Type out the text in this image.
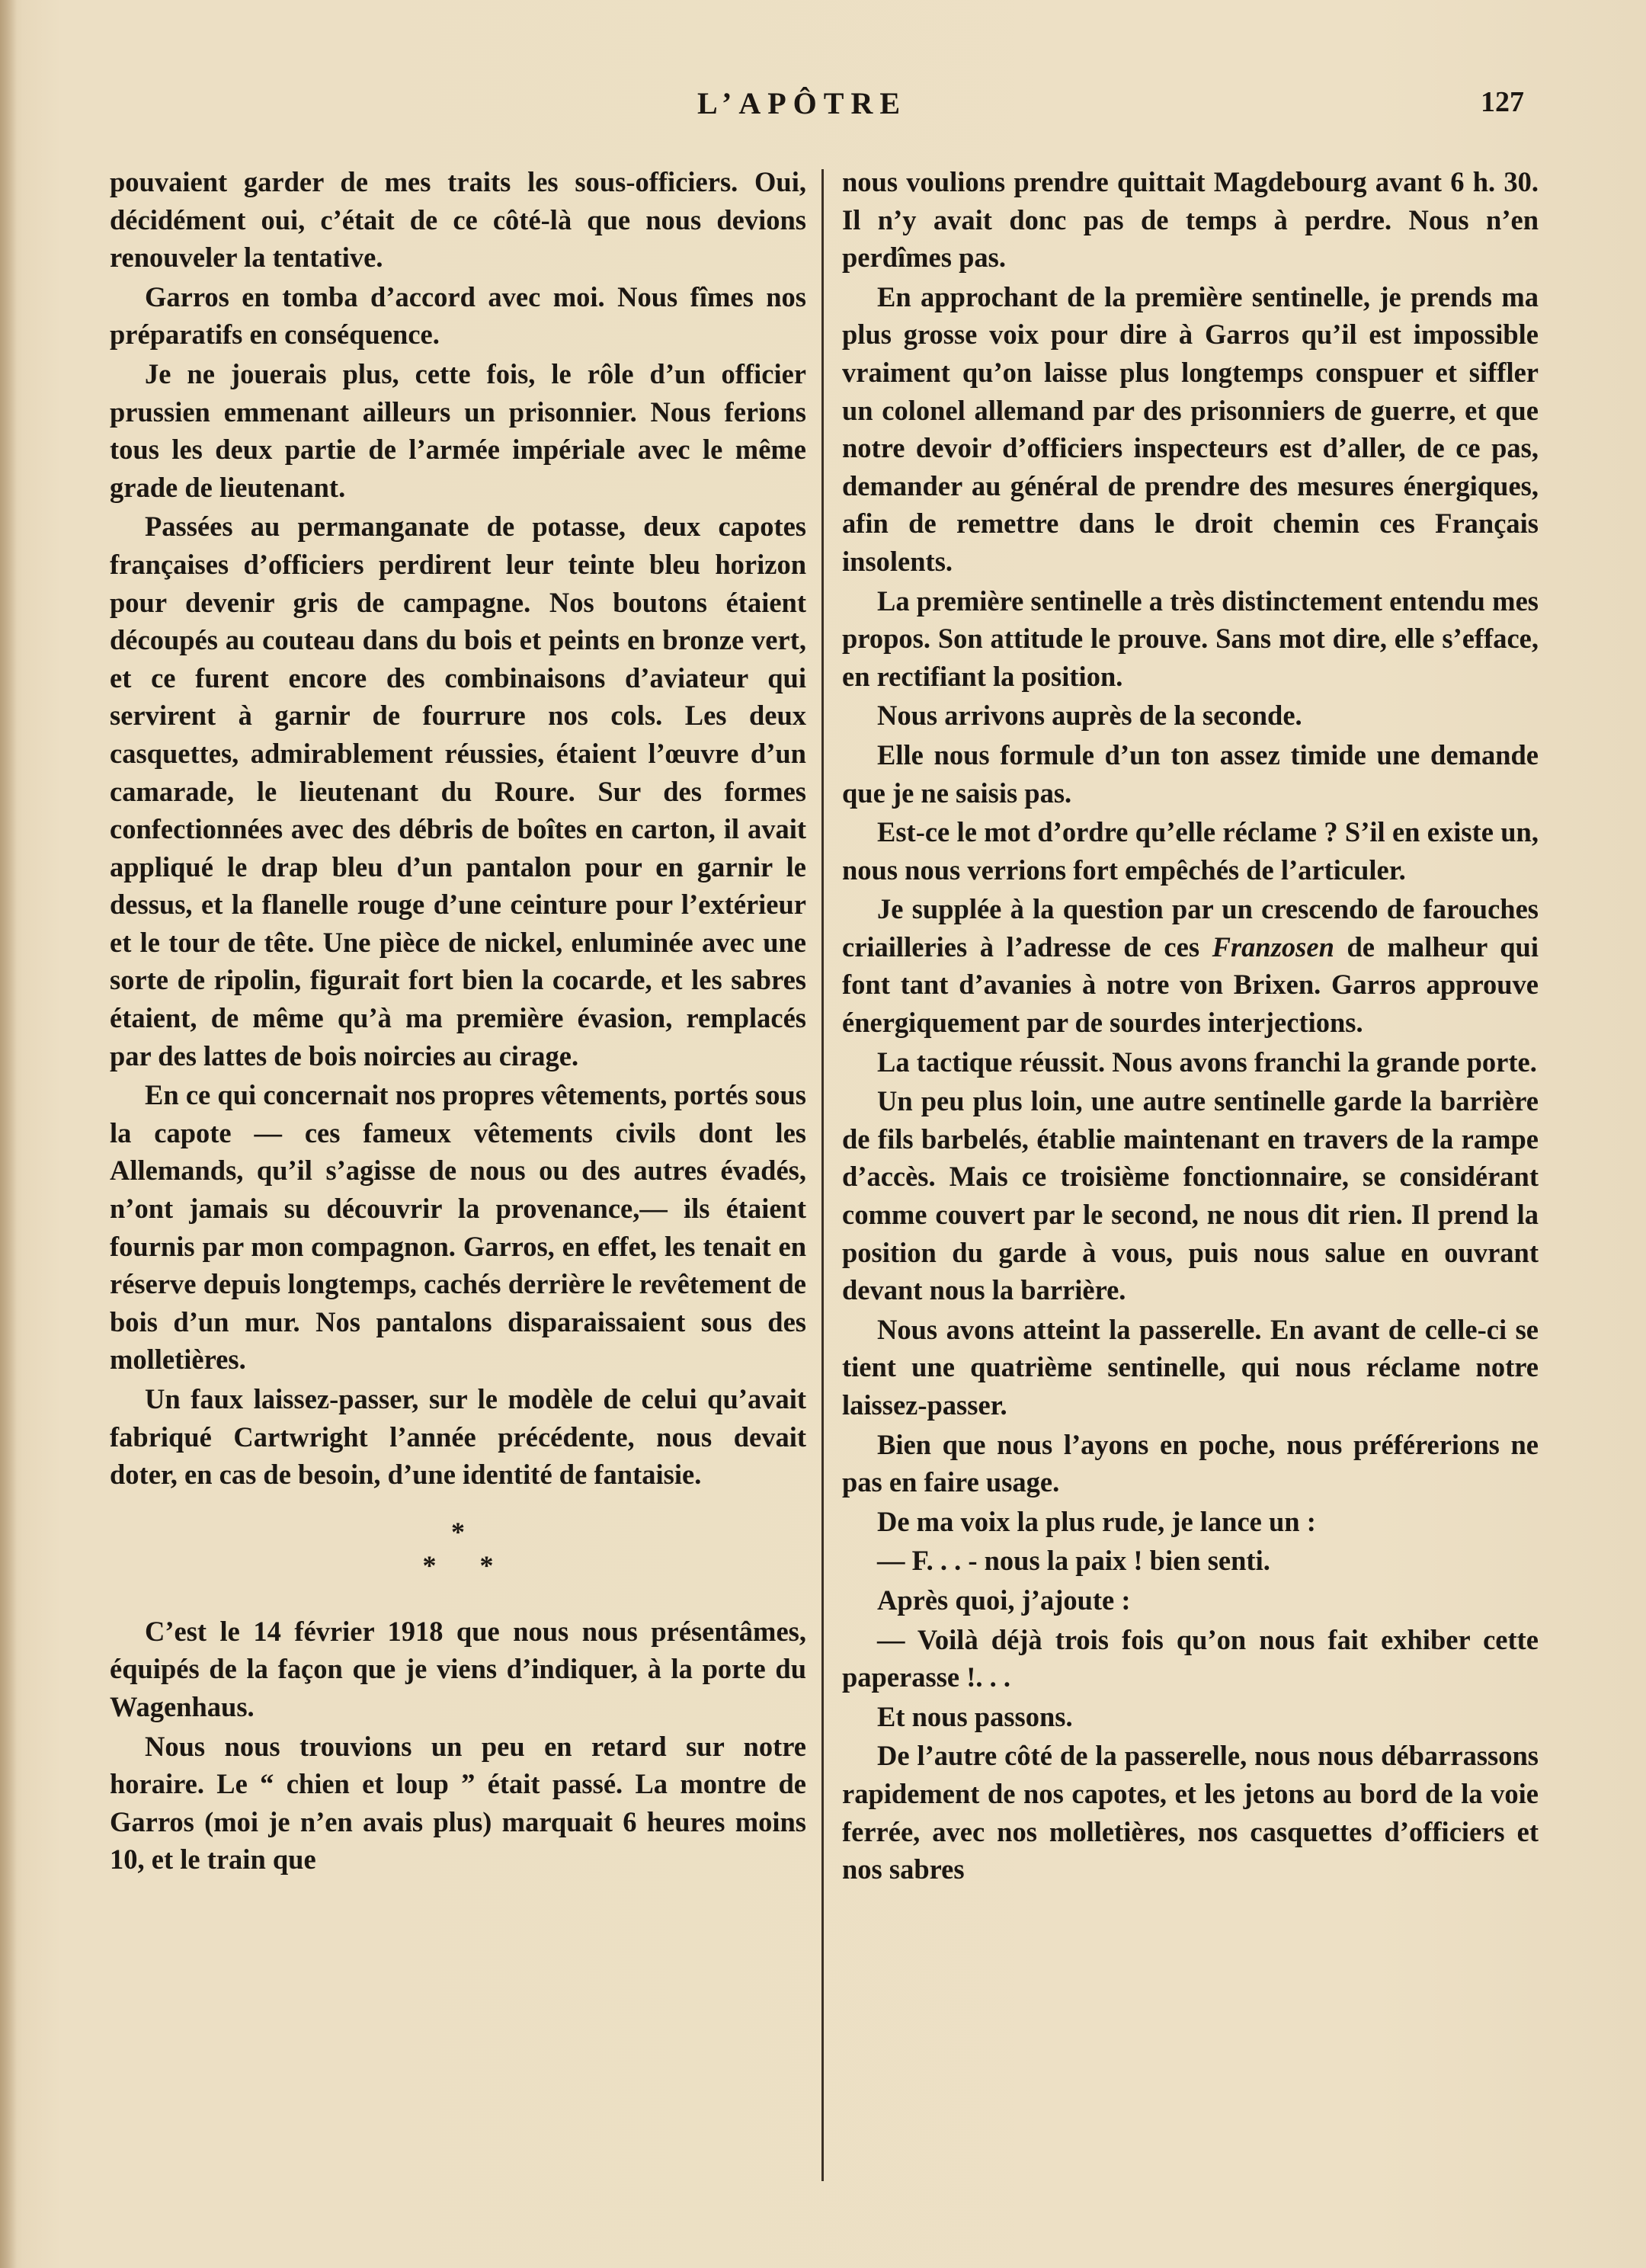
L’APÔTRE	127

pouvaient garder de mes traits les sous-officiers. Oui, décidément oui, c’était de ce côté-là que nous devions renouveler la tentative.

Garros en tomba d’accord avec moi. Nous fîmes nos préparatifs en conséquence.

Je ne jouerais plus, cette fois, le rôle d’un officier prussien emmenant ailleurs un prisonnier. Nous ferions tous les deux partie de l’armée impériale avec le même grade de lieutenant.

Passées au permanganate de potasse, deux capotes françaises d’officiers perdirent leur teinte bleu horizon pour devenir gris de campagne. Nos boutons étaient découpés au couteau dans du bois et peints en bronze vert, et ce furent encore des combinaisons d’aviateur qui servirent à garnir de fourrure nos cols. Les deux casquettes, admirablement réussies, étaient l’œuvre d’un camarade, le lieutenant du Roure. Sur des formes confectionnées avec des débris de boîtes en carton, il avait appliqué le drap bleu d’un pantalon pour en garnir le dessus, et la flanelle rouge d’une ceinture pour l’extérieur et le tour de tête. Une pièce de nickel, enluminée avec une sorte de ripolin, figurait fort bien la cocarde, et les sabres étaient, de même qu’à ma première évasion, remplacés par des lattes de bois noircies au cirage.

En ce qui concernait nos propres vêtements, portés sous la capote — ces fameux vêtements civils dont les Allemands, qu’il s’agisse de nous ou des autres évadés, n’ont jamais su découvrir la provenance,— ils étaient fournis par mon compagnon. Garros, en effet, les tenait en réserve depuis longtemps, cachés derrière le revêtement de bois d’un mur. Nos pantalons disparaissaient sous des molletières.

Un faux laissez-passer, sur le modèle de celui qu’avait fabriqué Cartwright l’année précédente, nous devait doter, en cas de besoin, d’une identité de fantaisie.

*
* *

C’est le 14 février 1918 que nous nous présentâmes, équipés de la façon que je viens d’indiquer, à la porte du Wagenhaus.

Nous nous trouvions un peu en retard sur notre horaire. Le “ chien et loup ” était passé. La montre de Garros (moi je n’en avais plus) marquait 6 heures moins 10, et le train que

nous voulions prendre quittait Magdebourg avant 6 h. 30. Il n’y avait donc pas de temps à perdre. Nous n’en perdîmes pas.

En approchant de la première sentinelle, je prends ma plus grosse voix pour dire à Garros qu’il est impossible vraiment qu’on laisse plus longtemps conspuer et siffler un colonel allemand par des prisonniers de guerre, et que notre devoir d’officiers inspecteurs est d’aller, de ce pas, demander au général de prendre des mesures énergiques, afin de remettre dans le droit chemin ces Français insolents.

La première sentinelle a très distinctement entendu mes propos. Son attitude le prouve. Sans mot dire, elle s’efface, en rectifiant la position.

Nous arrivons auprès de la seconde.

Elle nous formule d’un ton assez timide une demande que je ne saisis pas.

Est-ce le mot d’ordre qu’elle réclame ? S’il en existe un, nous nous verrions fort empêchés de l’articuler.

Je supplée à la question par un crescendo de farouches criailleries à l’adresse de ces Franzosen de malheur qui font tant d’avanies à notre von Brixen. Garros approuve énergiquement par de sourdes interjections.

La tactique réussit. Nous avons franchi la grande porte.

Un peu plus loin, une autre sentinelle garde la barrière de fils barbelés, établie maintenant en travers de la rampe d’accès. Mais ce troisième fonctionnaire, se considérant comme couvert par le second, ne nous dit rien. Il prend la position du garde à vous, puis nous salue en ouvrant devant nous la barrière.

Nous avons atteint la passerelle. En avant de celle-ci se tient une quatrième sentinelle, qui nous réclame notre laissez-passer.

Bien que nous l’ayons en poche, nous préférerions ne pas en faire usage.

De ma voix la plus rude, je lance un :

— F. . . - nous la paix ! bien senti.

Après quoi, j’ajoute :

— Voilà déjà trois fois qu’on nous fait exhiber cette paperasse !. . .

Et nous passons.

De l’autre côté de la passerelle, nous nous débarrassons rapidement de nos capotes, et les jetons au bord de la voie ferrée, avec nos molletières, nos casquettes d’officiers et nos sabres
